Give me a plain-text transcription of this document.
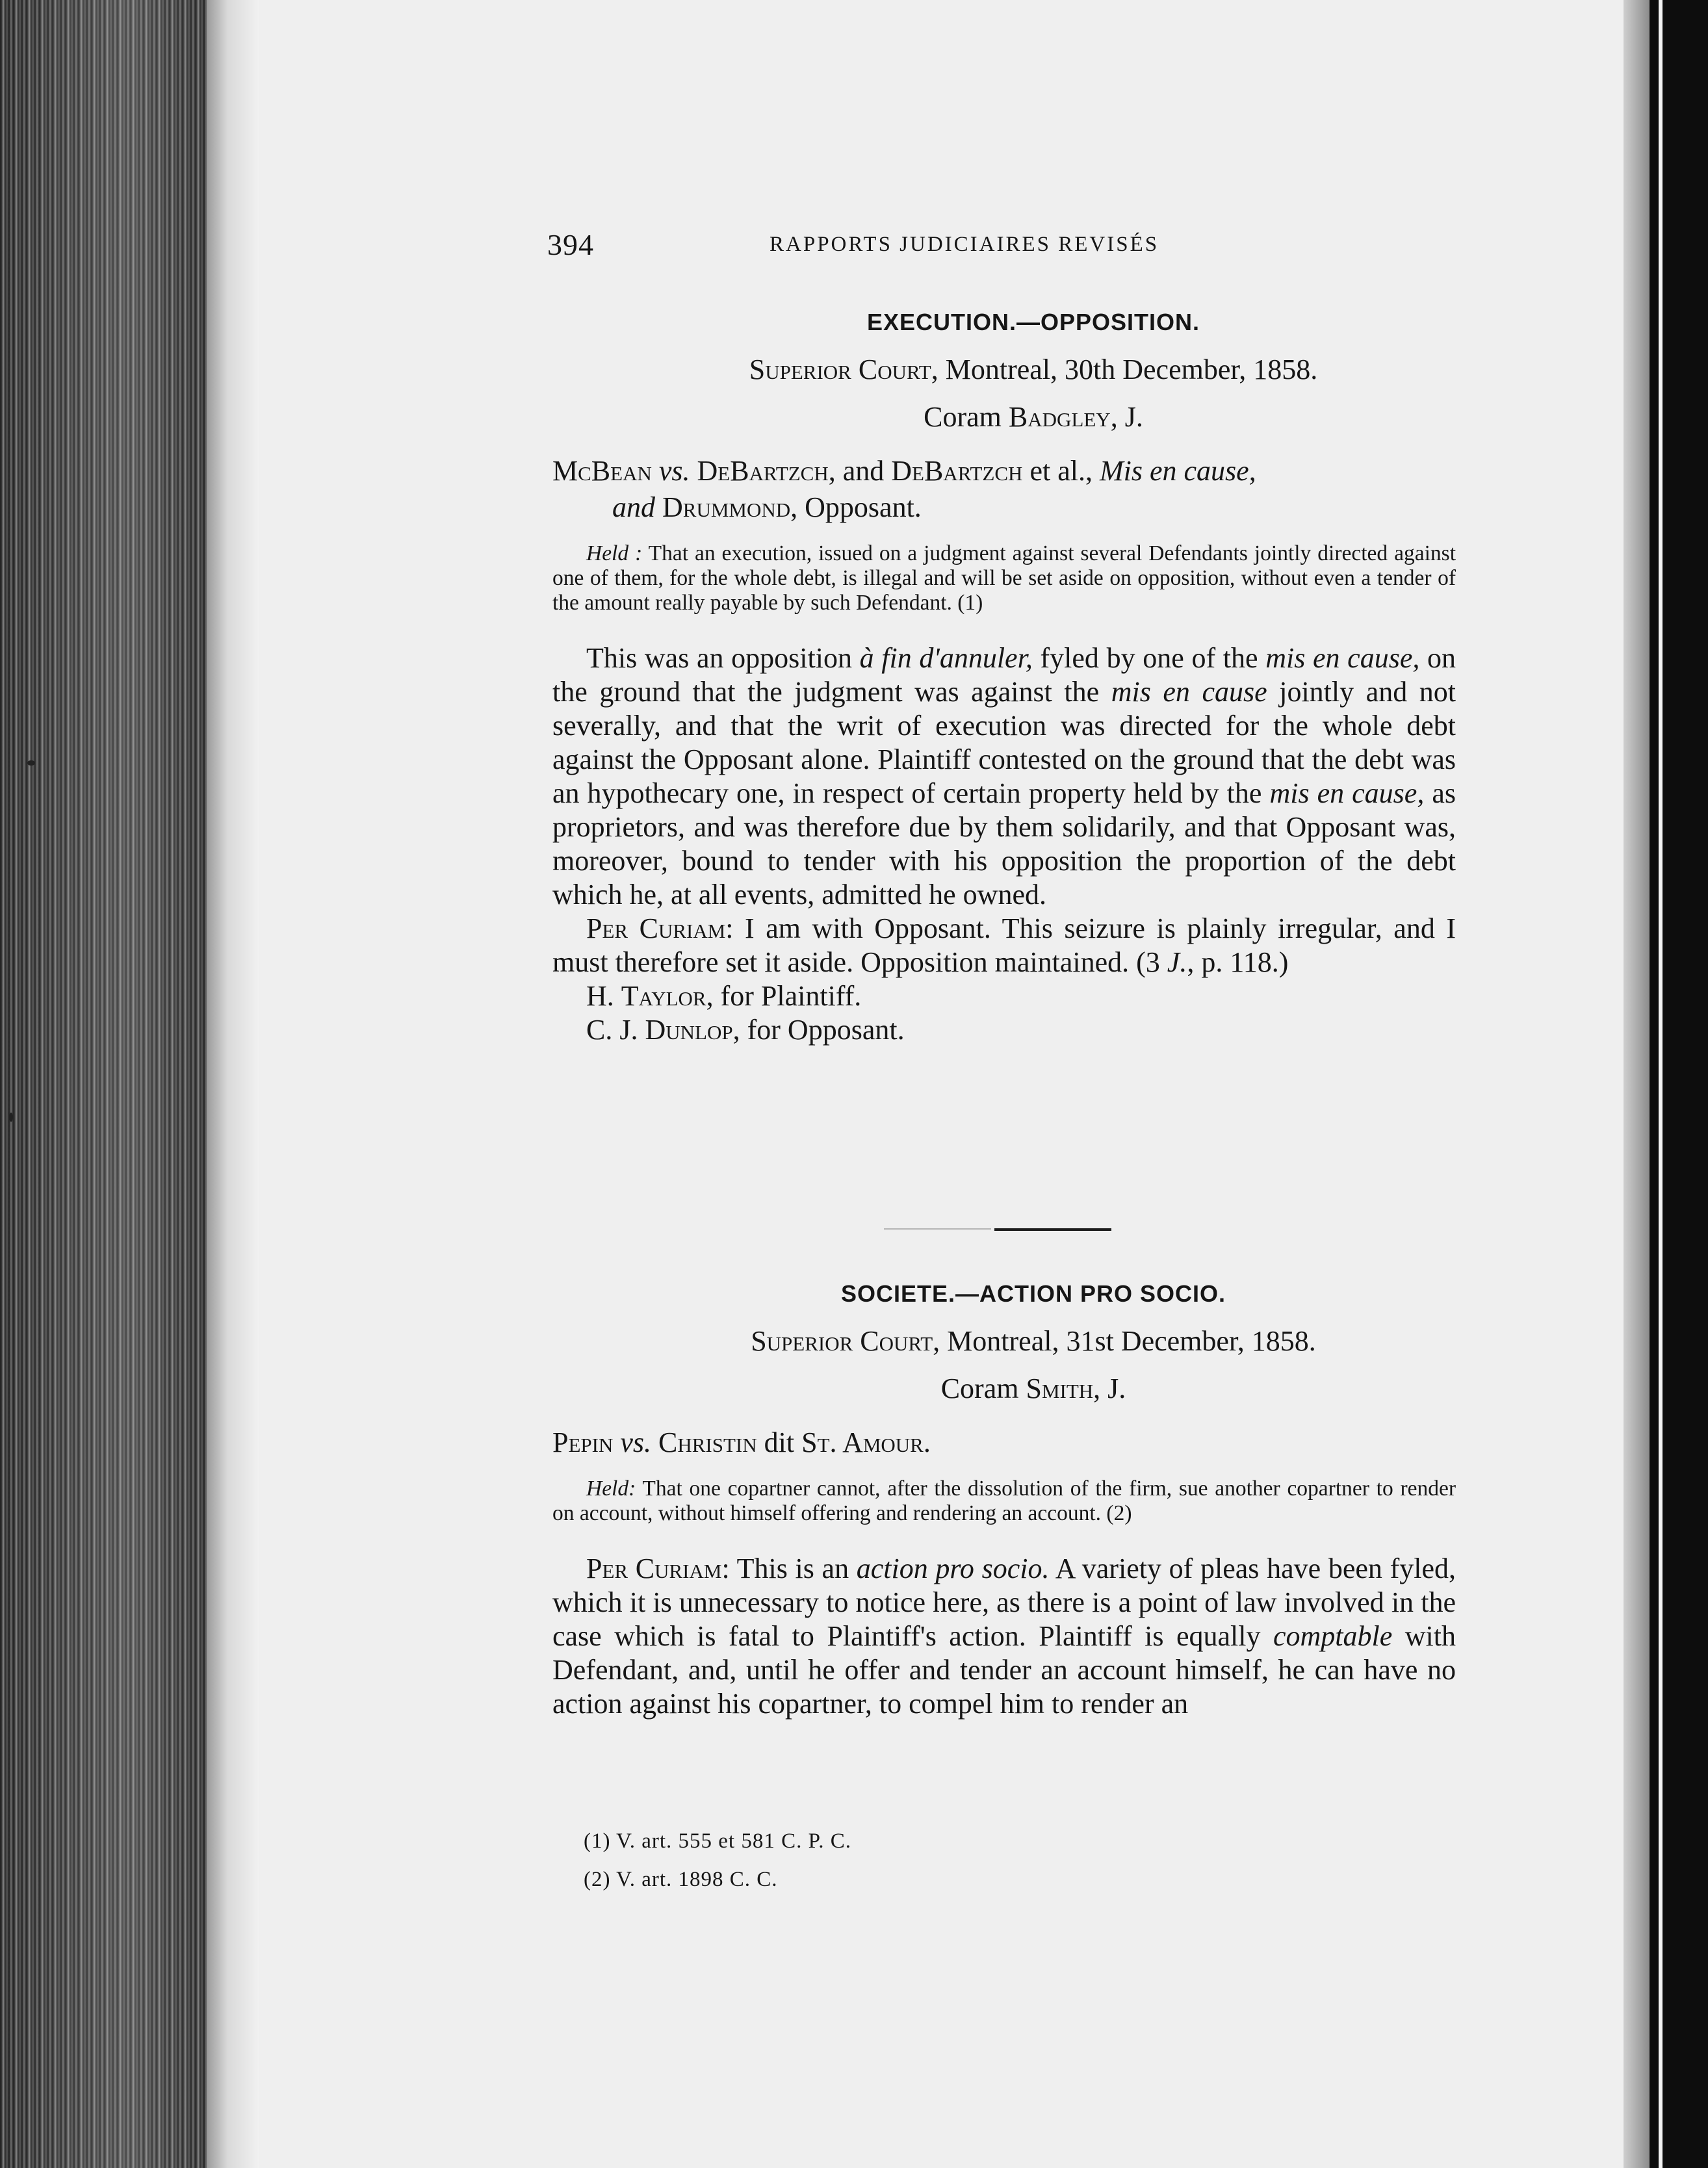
394	RAPPORTS JUDICIAIRES REVISÉS

EXECUTION.—OPPOSITION.

Superior Court, Montreal, 30th December, 1858.

Coram Badgley, J.

McBean vs. DeBartzch, and DeBartzch et al., Mis en cause,
and Drummond, Opposant.

Held : That an execution, issued on a judgment against several Defendants jointly directed against one of them, for the whole debt, is illegal and will be set aside on opposition, without even a tender of the amount really payable by such Defendant. (1)

This was an opposition à fin d'annuler, fyled by one of the mis en cause, on the ground that the judgment was against the mis en cause jointly and not severally, and that the writ of execution was directed for the whole debt against the Opposant alone. Plaintiff contested on the ground that the debt was an hypothecary one, in respect of certain property held by the mis en cause, as proprietors, and was therefore due by them solidarily, and that Opposant was, moreover, bound to tender with his opposition the proportion of the debt which he, at all events, admitted he owned.

Per Curiam: I am with Opposant. This seizure is plainly irregular, and I must therefore set it aside. Opposition maintained. (3 J., p. 118.)

H. Taylor, for Plaintiff.

C. J. Dunlop, for Opposant.

SOCIETE.—ACTION PRO SOCIO.

Superior Court, Montreal, 31st December, 1858.

Coram Smith, J.

Pepin vs. Christin dit St. Amour.

Held: That one copartner cannot, after the dissolution of the firm, sue another copartner to render on account, without himself offering and rendering an account. (2)

Per Curiam: This is an action pro socio. A variety of pleas have been fyled, which it is unnecessary to notice here, as there is a point of law involved in the case which is fatal to Plaintiff's action. Plaintiff is equally comptable with Defendant, and, until he offer and tender an account himself, he can have no action against his copartner, to compel him to render an

(1) V. art. 555 et 581 C. P. C.

(2) V. art. 1898 C. C.
